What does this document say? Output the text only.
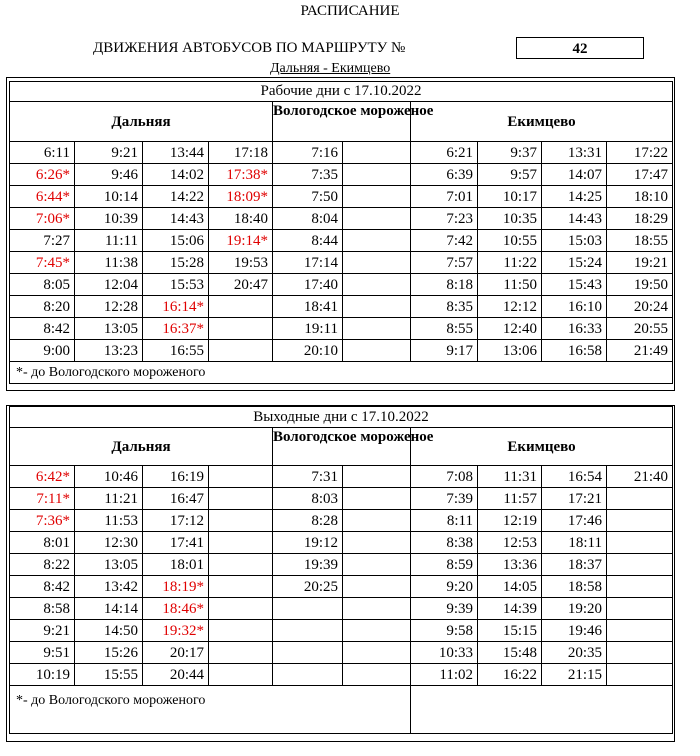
РАСПИСАНИЕ
ДВИЖЕНИЯ АВТОБУСОВ ПО МАРШРУТУ №	42
Дальняя - Екимцево
Рабочие дни с 17.10.2022									
Дальняя				Вологодское мороженое		Екимцево			
6:11	9:21	13:44	17:18	7:16		6:21	9:37	13:31	17:22
6:26*	9:46	14:02	17:38*	7:35		6:39	9:57	14:07	17:47
6:44*	10:14	14:22	18:09*	7:50		7:01	10:17	14:25	18:10
7:06*	10:39	14:43	18:40	8:04		7:23	10:35	14:43	18:29
7:27	11:11	15:06	19:14*	8:44		7:42	10:55	15:03	18:55
7:45*	11:38	15:28	19:53	17:14		7:57	11:22	15:24	19:21
8:05	12:04	15:53	20:47	17:40		8:18	11:50	15:43	19:50
8:20	12:28	16:14*		18:41		8:35	12:12	16:10	20:24
8:42	13:05	16:37*		19:11		8:55	12:40	16:33	20:55
9:00	13:23	16:55		20:10		9:17	13:06	16:58	21:49
*- до Вологодского мороженого									
Выходные дни с 17.10.2022									
Дальняя				Вологодское мороженое		Екимцево			
6:42*	10:46	16:19		7:31		7:08	11:31	16:54	21:40
7:11*	11:21	16:47		8:03		7:39	11:57	17:21	
7:36*	11:53	17:12		8:28		8:11	12:19	17:46	
8:01	12:30	17:41		19:12		8:38	12:53	18:11	
8:22	13:05	18:01		19:39		8:59	13:36	18:37	
8:42	13:42	18:19*		20:25		9:20	14:05	18:58	
8:58	14:14	18:46*				9:39	14:39	19:20	
9:21	14:50	19:32*				9:58	15:15	19:46	
9:51	15:26	20:17				10:33	15:48	20:35	
10:19	15:55	20:44				11:02	16:22	21:15	
*- до Вологодского мороженого									
